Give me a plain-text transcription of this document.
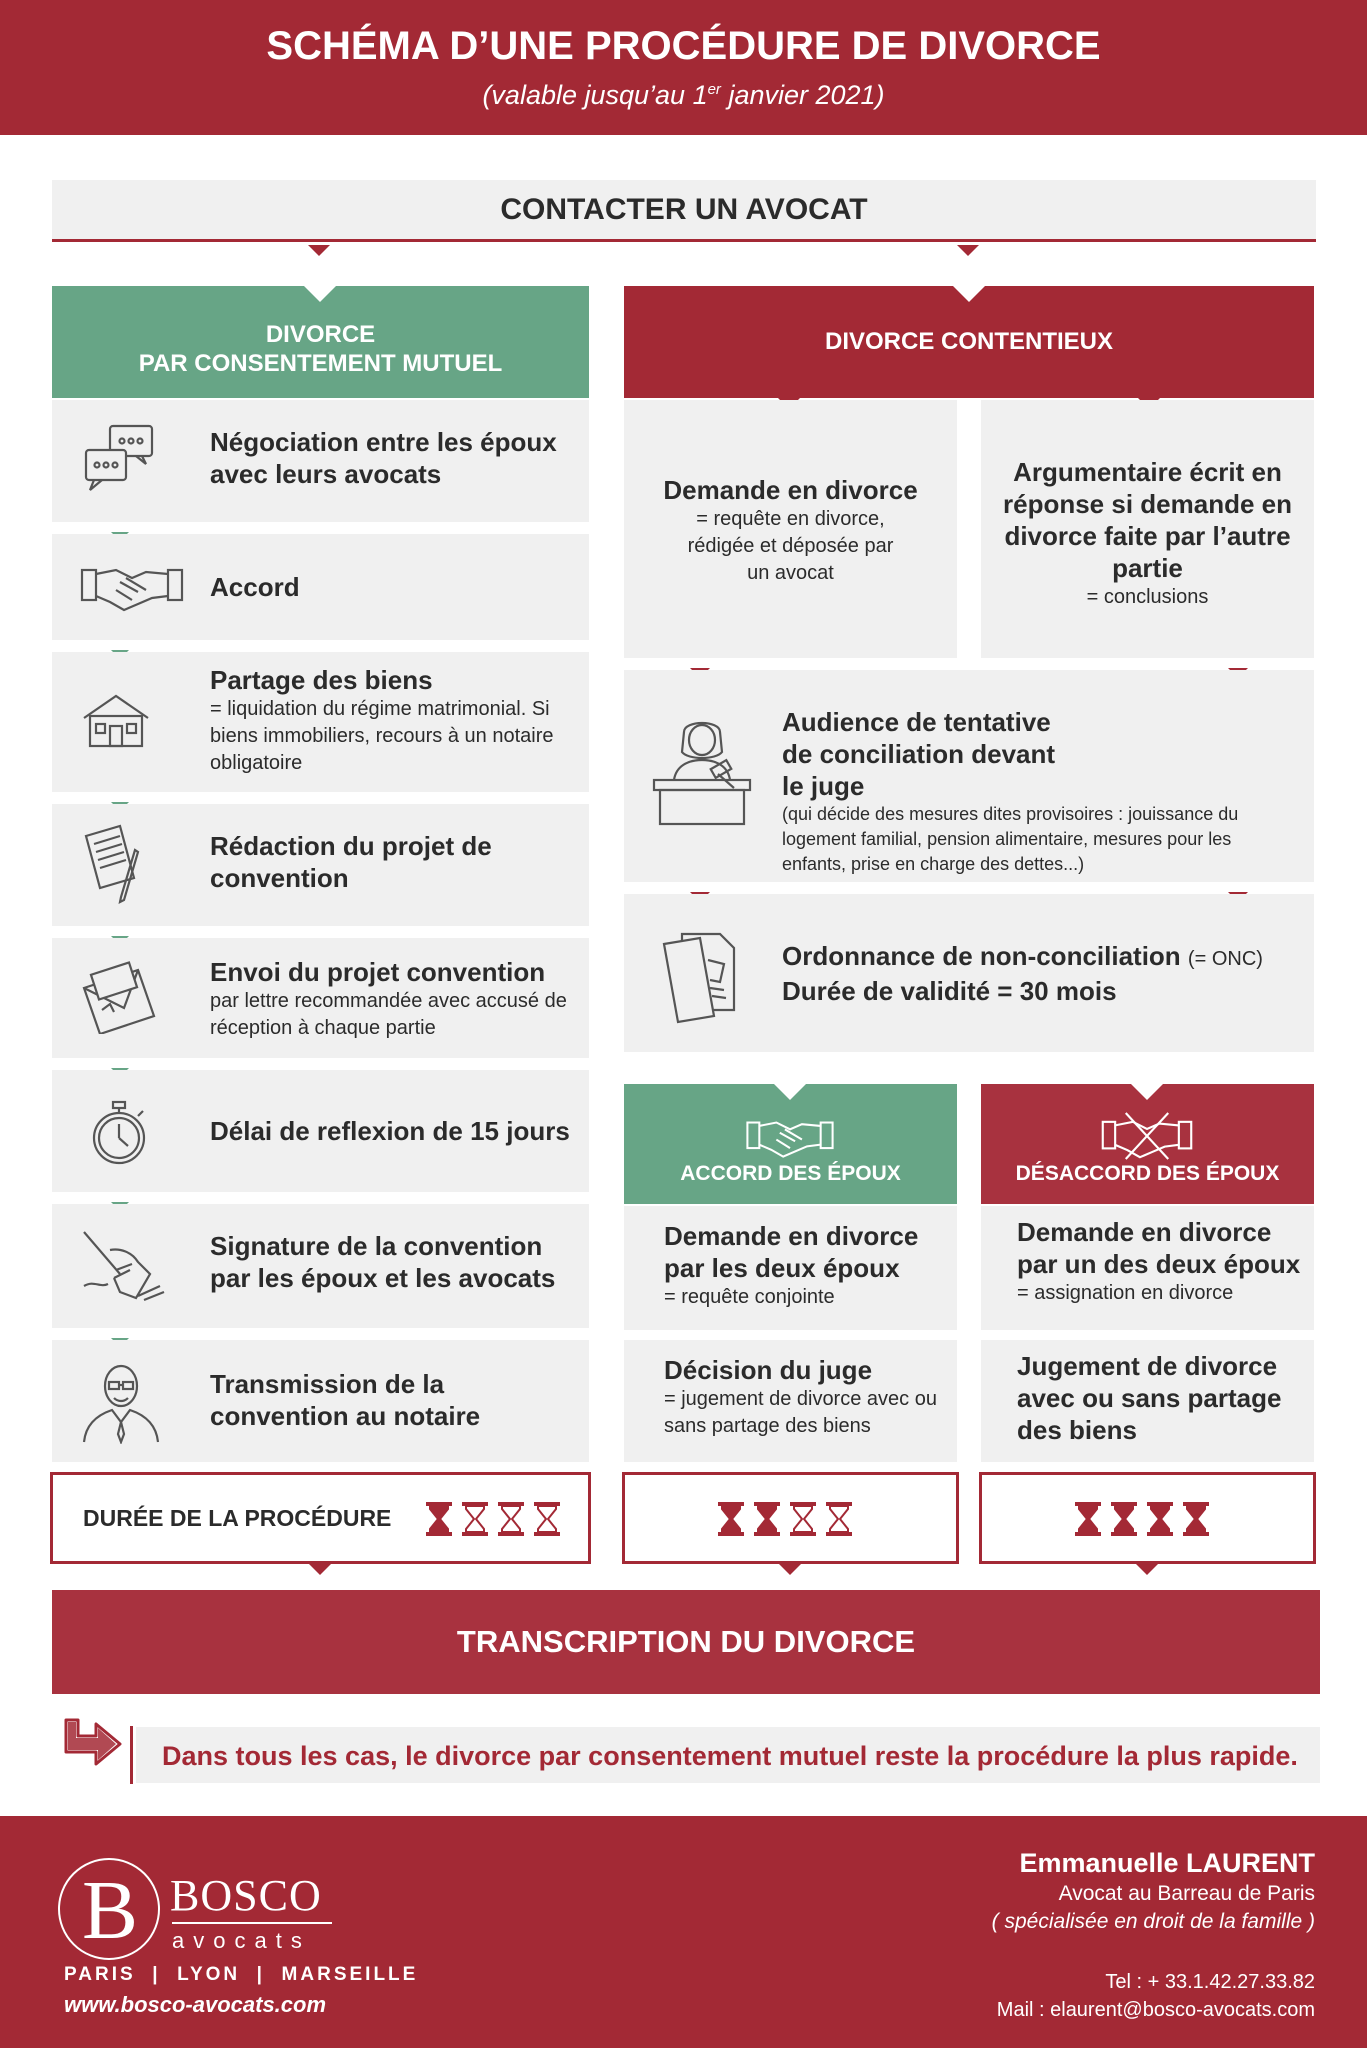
SCHÉMA D’UNE PROCÉDURE DE DIVORCE
(valable jusqu’au 1er janvier 2021)
CONTACTER UN AVOCAT
DIVORCE
PAR CONSENTEMENT MUTUEL
DIVORCE CONTENTIEUX
Négociation entre les époux avec leurs avocats
Accord
Partage des biens
= liquidation du régime matrimonial. Si biens immobiliers, recours à un notaire obligatoire
Rédaction du projet de convention
Envoi du projet convention
par lettre recommandée avec accusé de réception à chaque partie
Délai de reflexion de 15 jours
Signature de la convention par les époux et les avocats
Transmission de la convention au notaire
Demande en divorce
= requête en divorce, rédigée et déposée par un avocat
Argumentaire écrit en réponse si demande en divorce faite par l’autre partie
= conclusions
Audience de tentative de conciliation devant le juge
(qui décide des mesures dites provisoires : jouissance du logement familial, pension alimentaire, mesures pour les enfants, prise en charge des dettes...)
Ordonnance de non-conciliation (= ONC)
Durée de validité = 30 mois
ACCORD DES ÉPOUX	DÉSACCORD DES ÉPOUX
Demande en divorce par les deux époux
= requête conjointe
Décision du juge
= jugement de divorce avec ou sans partage des biens
Demande en divorce par un des deux époux
= assignation en divorce
Jugement de divorce avec ou sans partage des biens
DURÉE DE LA PROCÉDURE
TRANSCRIPTION DU DIVORCE
Dans tous les cas, le divorce par consentement mutuel reste la procédure la plus rapide.
B BOSCO
avocats
PARIS  |  LYON  |  MARSEILLE
www.bosco-avocats.com
Emmanuelle LAURENT
Avocat au Barreau de Paris
( spécialisée en droit de la famille )
Tel : + 33.1.42.27.33.82
Mail : elaurent@bosco-avocats.com
